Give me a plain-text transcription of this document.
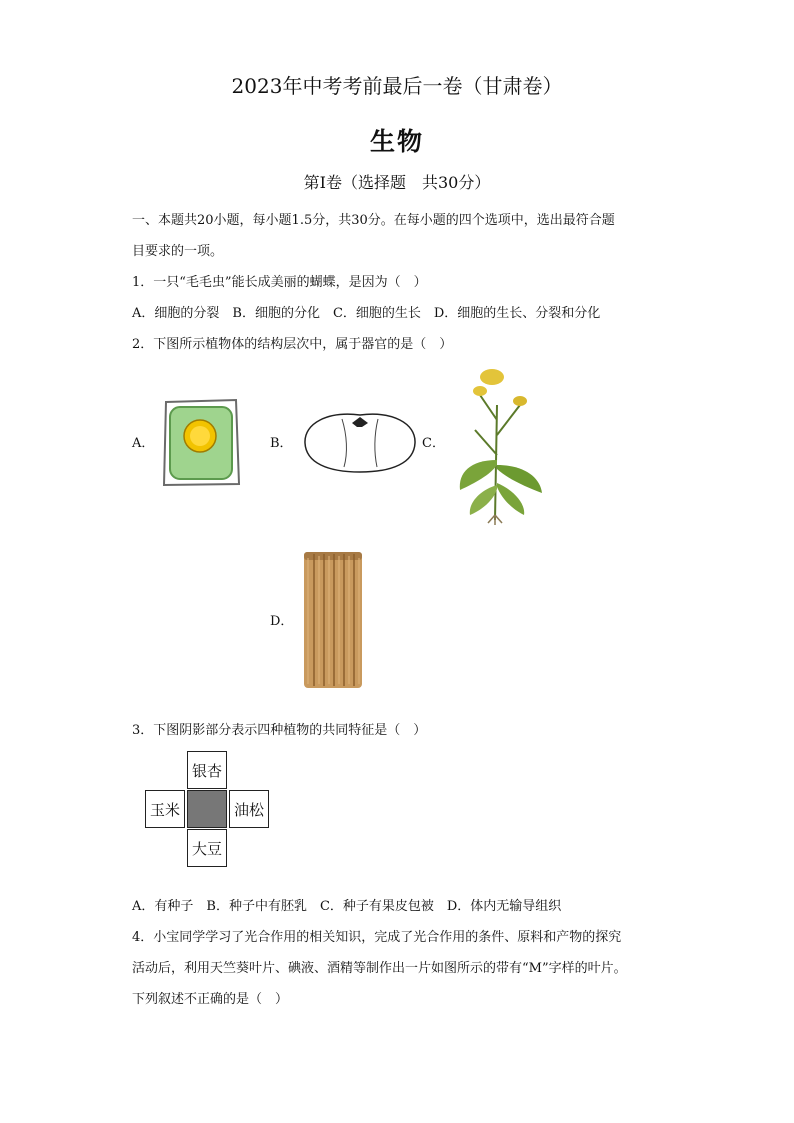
2023年中考考前最后一卷（甘肃卷）
生物
第Ⅰ卷（选择题　共30分）
一、本题共20小题，每小题1.5分，共30分。在每小题的四个选项中，选出最符合题
目要求的一项。
1．一只“毛毛虫”能长成美丽的蝴蝶，是因为（　）
A．细胞的分裂　B．细胞的分化　C．细胞的生长　D．细胞的生长、分裂和分化
2．下图所示植物体的结构层次中，属于器官的是（　）
A．	B．	C．
D．
3．下图阴影部分表示四种植物的共同特征是（　）
银杏
玉米	油松
大豆
A．有种子　B．种子中有胚乳　C．种子有果皮包被　D．体内无输导组织
4．小宝同学学习了光合作用的相关知识，完成了光合作用的条件、原料和产物的探究
活动后，利用天竺葵叶片、碘液、酒精等制作出一片如图所示的带有“M”字样的叶片。
下列叙述不正确的是（　）
